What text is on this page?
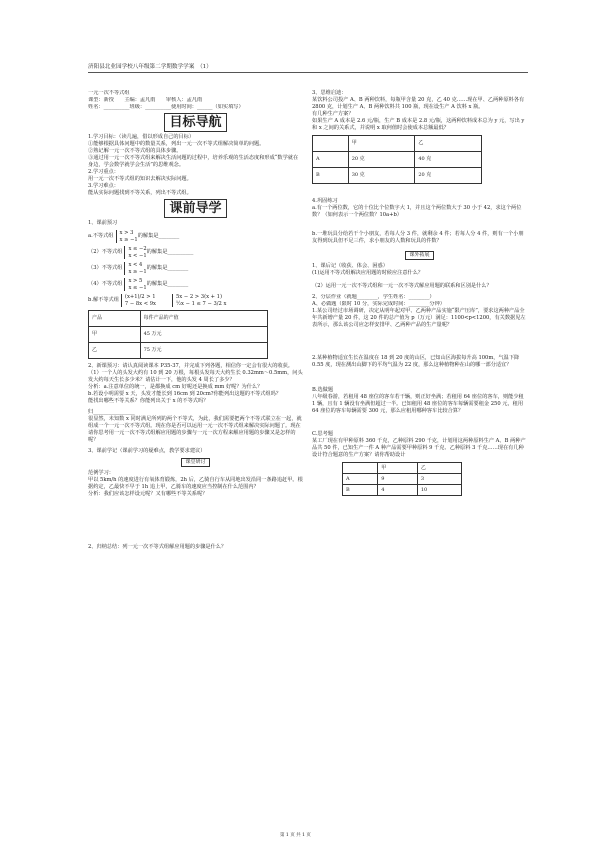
济阳县北业园学校八年级第二学期数学学案　（1）
一元一次不等式组
课型：新授　　主编：孟凡雨　　审核人：孟凡雨
姓名：__________班级：__________使用时间：______（如实填写）
目标导航
1.学习目标：（读几遍，借以形成自己的目标）
①能够根据具体问题中的数量关系，列出一元一次不等式组解决简单的问题。
②熟记解一元一次不等式组的具体步骤。
③通过用一元一次不等式组来解决生活问题的过程中，培养乐观的生活态度和形成“数学就在身边，学会数学就学会生活”的思维观念。
2.学习重点：
用一元一次不等式组的知识去解决实际问题。
3.学习难点：
能从实际问题找到不等关系，列出不等式组。
课前导学
1、课前预习
a.不等式组 x > 3
x ≥ −1
的解集是________
（2）不等式组 x ≤ −2
x < −1
的解集是__________
（3）不等式组 x < 4
x ≥ −1
的解集是________
（4）不等式组 x > 5
x ≤ −1
的解集是________
b.解不等式组 (x+1)/2 > 1
7 − 8x < 9x
5x − 2 > 3(x + 1)
½x − 1 ≤ 7 − 3/2 x
产品	每件产品的产值
甲	45 万元
乙	75 万元
2、新课预习：请认真阅读课本 P35-37，并完成下列各题，相信你一定会有很大的收获。
（1）一个人的头发大约有 10 到 20 万根，每根头发每天大约生长 0.32mm～0.5mm，问头发大约每天生长多少米？请估计一下，他的头发 4 周长了多少？
分析：a.注意单位的统一，是都换成 cm 好呢还是换成 mm 好呢？为什么？
b.若设小明需要 x 天，头发才能长到 16cm 到 20cm?你能列出这题的不等式组吗？
能找出哪些不等关系？你能列出关于 x 的不等式吗？
归________________
很显然，未知数 x 同时满足所列的两个不等式，为此，我们需要把两个不等式联立在一起，就组成一个一元一次不等式组。现在你是否可以运用一元一次不等式组来解决实际问题了。现在请你思考用一元一次不等式组解应用题的步骤与一元一次方程来解应用题的步骤又是怎样的呢？
3、课前学记（课前学习的疑难点，教学要求建议）
课堂研讨
范例学习：
甲以 5km/h 的速度进行有氧体育锻炼，2h 后，乙骑自行车从同地出发沿同一条路追赶甲。根据约定，乙最快不早于 1h 追上甲，乙骑车的速度应当控制在什么范围内？
分析：我们应该怎样设元呢？又有哪些不等关系呢？
2、归纳总结：列一元一次不等式组解应用题的步骤是什么？
3、思维启迪：
某饮料公司投产 A、B 两种饮料，每瓶甲含量 20 克，乙 40 克……现在甲、乙两种原料各有 2800 克，计划生产 A、B 两种饮料共 100 瓶，现在设生产 A 饮料 x 瓶。
有几种生产方案？
如果生产 A 成本是 2.6 元/瓶，生产 B 成本是 2.8 元/瓶，这两种饮料成本总为 y 元，写出 y 和 x 之间的关系式，并说明 x 取何值时会使成本总额最低？
	甲	乙
A	20 克	40 克
B	30 克	20 克
4.巩固练习
a.有一个两位数，它的十位比个位数字大 1，并且这个两位数大于 30 小于 42，求这个两位数？（如何表示一个两位数？10a+b）
b.一堆玩具分给若干个小朋友，若每人分 3 件，就剩余 4 件；若每人分 4 件，则有一个小朋友得到玩具但不足三件，求小朋友的人数和玩具的件数？
课外拓展
1、课后记（收获、体会、困惑）
(1)运用不等式组解决应用题的时候应注意什么？
（2）运用一元一次不等式组和一元一次不等式解应用题的联系和区别是什么？
2、分层作业（就题________，学生姓名：________）
A、必做题（限时 10 分，实际完成时间：________分钟）
1.某公司经过市场调研，决定从明年起对甲、乙两种产品实施“限产压库”，要求这两种产品全年共新增产量 20 件，这 20 件的总产值为 p（万元）满足：1100<p<1200，有关数据见左表所示，那么该公司应怎样安排甲、乙两种产品的生产量呢？
2.某种植物适宜生长在温度在 18 到 20 度的山区，已知山区海拔每升高 100m，气温下降 0.55 度，现在测出山脚下的平均气温为 22 度，那么这种植物种在山的哪一部分适宜？
B.选做题
八年级春游，若租用 48 座位的客车若干辆，则正好坐满；若租用 64 座位的客车，则能少租 1 辆，且有 1 辆没有坐满但超过一半。已知租用 48 座位的客车每辆需要租金 250 元，租用 64 座位的客车每辆需要 300 元，那么应租用哪种客车比较合算？
C.思考题
某工厂现在有甲种原料 360 千克，乙种原料 290 千克，计划用这两种原料生产 A、B 两种产品共 50 件，已知生产一件 A 种产品需要甲种原料 9 千克、乙种原料 3 千克……现在有几种设计符合题意的生产方案？请你帮助设计
	甲	乙
A	9	3
B	4	10
第 1 页 共 1 页
